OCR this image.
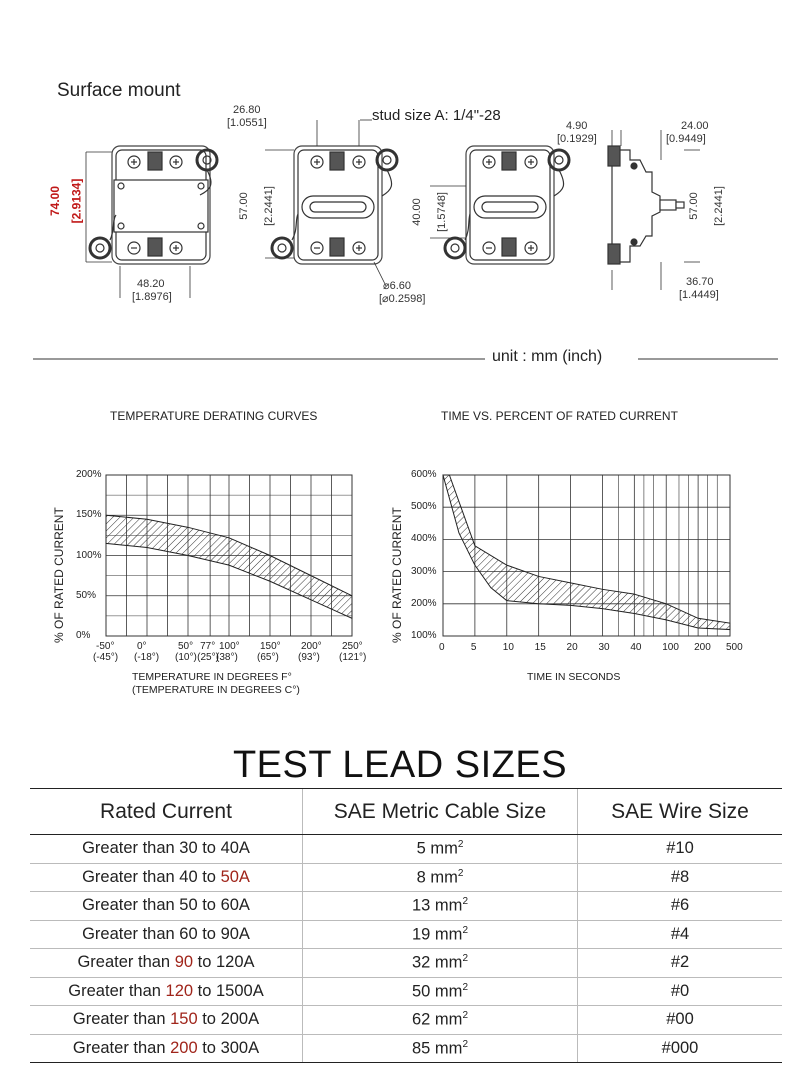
Surface mount
stud size A: 1/4"-28
74.00 [2.9134]
48.20
[1.8976]
26.80
[1.0551]
57.00 [2.2441]
⌀6.60
[⌀0.2598]
40.00 [1.5748]
4.90
[0.1929]
24.00
[0.9449]
57.00 [2.2441]
36.70
[1.4449]
unit : mm (inch)
TEMPERATURE DERATING CURVES
% OF RATED CURRENT
200%
150%
100%
50%
0%
-50° 0°	50° 77° 100° 150° 200° 250°
(-45°) (-18°) (10°) (25°)
(38°) (65°) (93°) (121°)
TEMPERATURE IN DEGREES F°
(TEMPERATURE IN DEGREES C°)
TIME VS. PERCENT OF RATED CURRENT
% OF RATED CURRENT
600%
500%
400%
300%
200%
100%
0	5	10 15 20 30 40 100 200 500
TIME IN SECONDS
TEST LEAD SIZES
Rated Current	SAE Metric Cable Size	SAE Wire Size
Greater than 30 to 40A	5 $mm^2$	#10
Greater than 40 to 50A	8 $mm^2$	#8
Greater than 50 to 60A	13 $mm^2$	#6
Greater than 60 to 90A	19 $mm^2$	#4
Greater than 90 to 120A	32 $mm^2$	#2
Greater than 120 to 1500A	50 $mm^2$	#0
Greater than 150 to 200A	62 $mm^2$	#00
Greater than 200 to 300A	85 $mm^2$	#000
